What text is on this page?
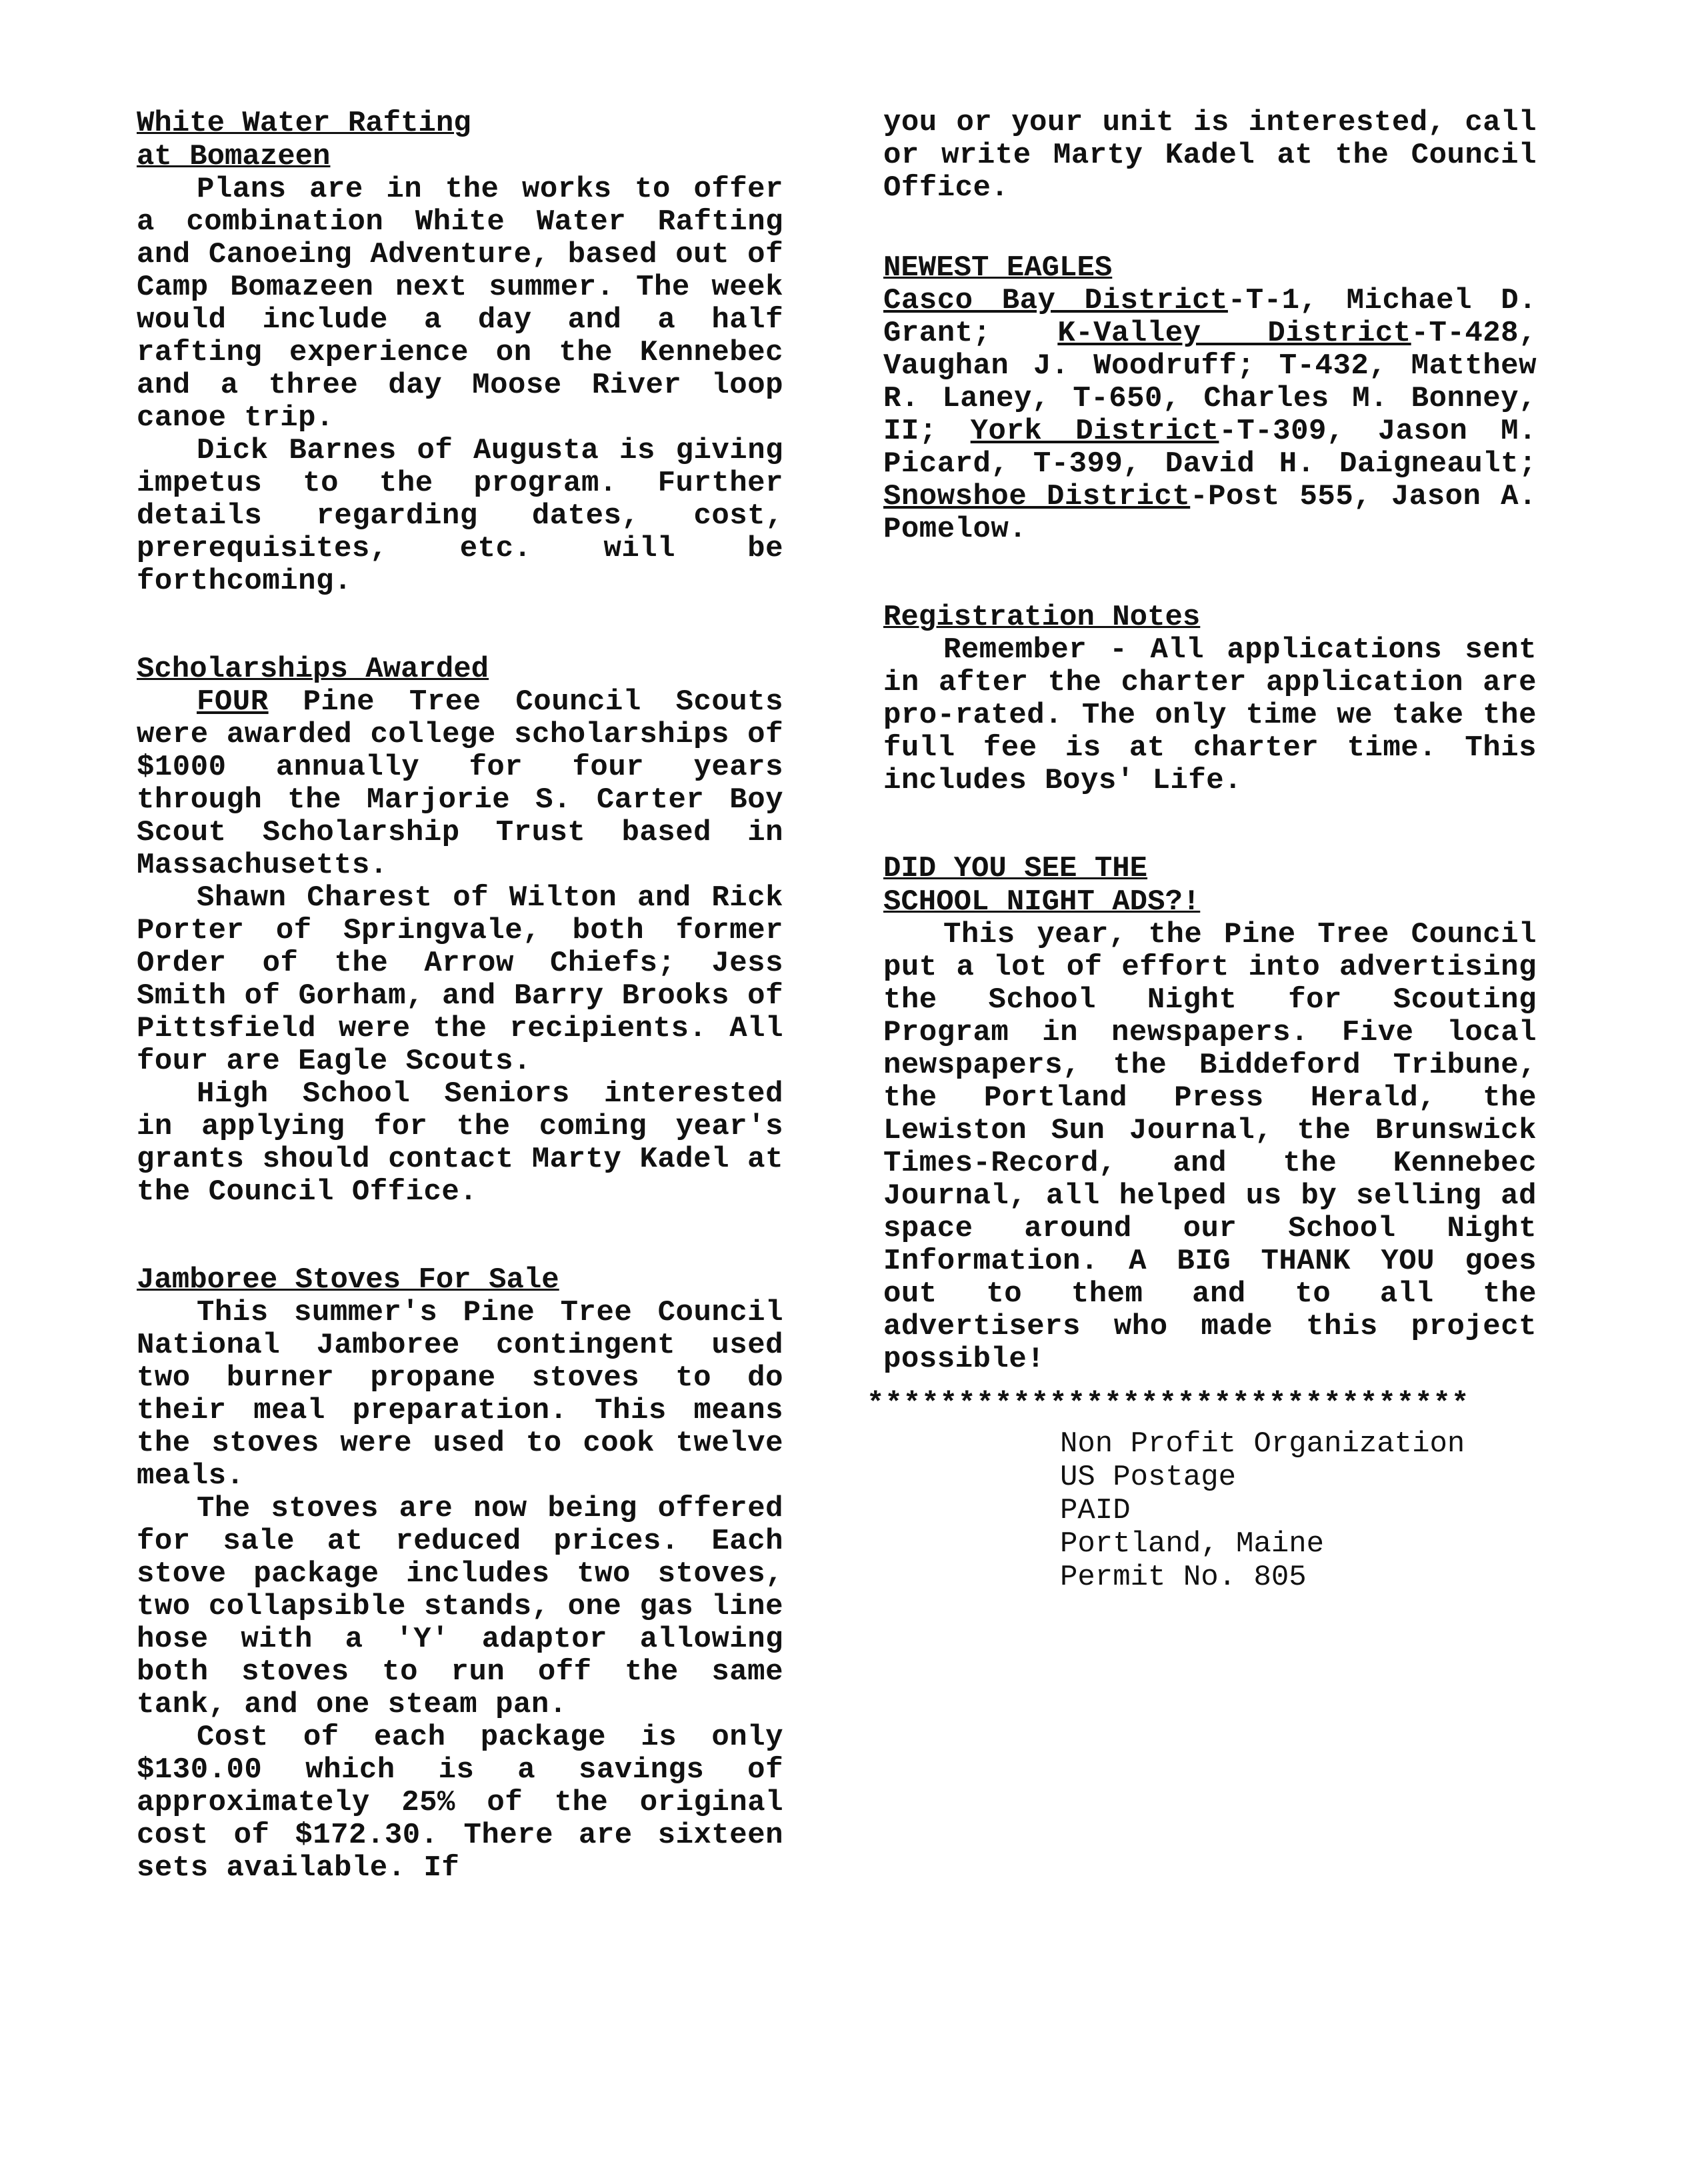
White Water Rafting
at Bomazeen

Plans are in the works to offer a combination White Water Rafting and Canoeing Adventure, based out of Camp Bomazeen next summer. The week would include a day and a half rafting experience on the Kennebec and a three day Moose River loop canoe trip.

Dick Barnes of Augusta is giving impetus to the program. Further details regarding dates, cost, prerequisites, etc. will be forthcoming.

Scholarships Awarded

FOUR Pine Tree Council Scouts were awarded college scholarships of $1000 annually for four years through the Marjorie S. Carter Boy Scout Scholarship Trust based in Massachusetts.

Shawn Charest of Wilton and Rick Porter of Springvale, both former Order of the Arrow Chiefs; Jess Smith of Gorham, and Barry Brooks of Pittsfield were the recipients. All four are Eagle Scouts.

High School Seniors interested in applying for the coming year's grants should contact Marty Kadel at the Council Office.

Jamboree Stoves For Sale

This summer's Pine Tree Council National Jamboree contingent used two burner propane stoves to do their meal preparation. This means the stoves were used to cook twelve meals.

The stoves are now being offered for sale at reduced prices. Each stove package includes two stoves, two collapsible stands, one gas line hose with a 'Y' adaptor allowing both stoves to run off the same tank, and one steam pan.

Cost of each package is only $130.00 which is a savings of approximately 25% of the original cost of $172.30. There are sixteen sets available. If

you or your unit is interested, call or write Marty Kadel at the Council Office.

NEWEST EAGLES

Casco Bay District-T-1, Michael D. Grant; K-Valley District-T-428, Vaughan J. Woodruff; T-432, Matthew R. Laney, T-650, Charles M. Bonney, II; York District-T-309, Jason M. Picard, T-399, David H. Daigneault; Snowshoe District-Post 555, Jason A. Pomelow.

Registration Notes

Remember - All applications sent in after the charter application are pro-rated. The only time we take the full fee is at charter time. This includes Boys' Life.

DID YOU SEE THE
SCHOOL NIGHT ADS?!

This year, the Pine Tree Council put a lot of effort into advertising the School Night for Scouting Program in newspapers. Five local newspapers, the Biddeford Tribune, the Portland Press Herald, the Lewiston Sun Journal, the Brunswick Times-Record, and the Kennebec Journal, all helped us by selling ad space around our School Night Information. A BIG THANK YOU goes out to them and to all the advertisers who made this project possible!

*********************************
Non Profit Organization
US Postage
PAID
Portland, Maine
Permit No. 805
